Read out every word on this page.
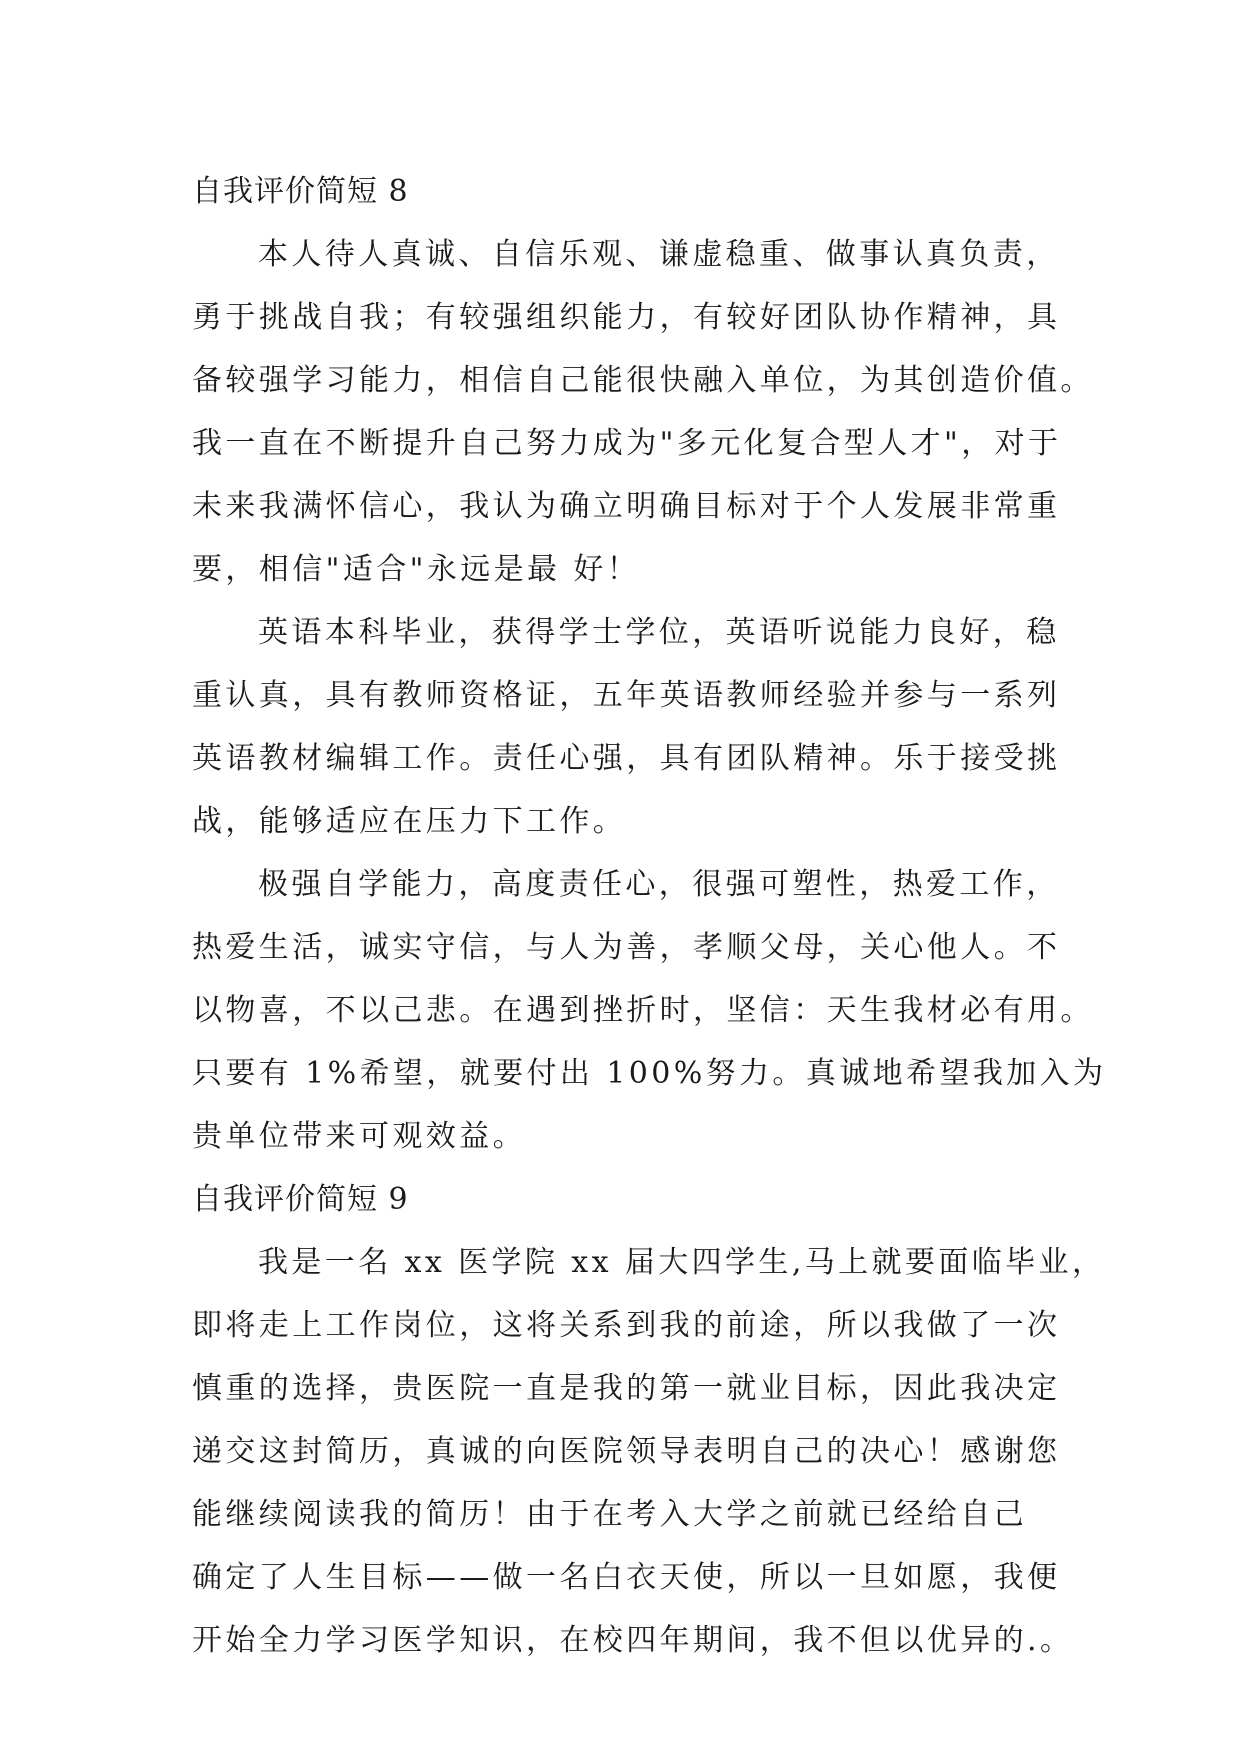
自我评价简短 8
本人待人真诚、自信乐观、谦虚稳重、做事认真负责，
勇于挑战自我；有较强组织能力，有较好团队协作精神，具
备较强学习能力，相信自己能很快融入单位，为其创造价值。
我一直在不断提升自己努力成为"多元化复合型人才"，对于
未来我满怀信心，我认为确立明确目标对于个人发展非常重
要，相信"适合"永远是最 好！
英语本科毕业，获得学士学位，英语听说能力良好，稳
重认真，具有教师资格证，五年英语教师经验并参与一系列
英语教材编辑工作。责任心强，具有团队精神。乐于接受挑
战，能够适应在压力下工作。
极强自学能力，高度责任心，很强可塑性，热爱工作，
热爱生活，诚实守信，与人为善，孝顺父母，关心他人。不
以物喜，不以己悲。在遇到挫折时，坚信：天生我材必有用。
只要有 1%希望，就要付出 100%努力。真诚地希望我加入为
贵单位带来可观效益。
自我评价简短 9
我是一名 xx 医学院 xx 届大四学生,马上就要面临毕业，
即将走上工作岗位，这将关系到我的前途，所以我做了一次
慎重的选择，贵医院一直是我的第一就业目标，因此我决定
递交这封简历，真诚的向医院领导表明自己的决心！感谢您
能继续阅读我的简历！由于在考入大学之前就已经给自己
确定了人生目标——做一名白衣天使，所以一旦如愿，我便
开始全力学习医学知识，在校四年期间，我不但以优异的.。
